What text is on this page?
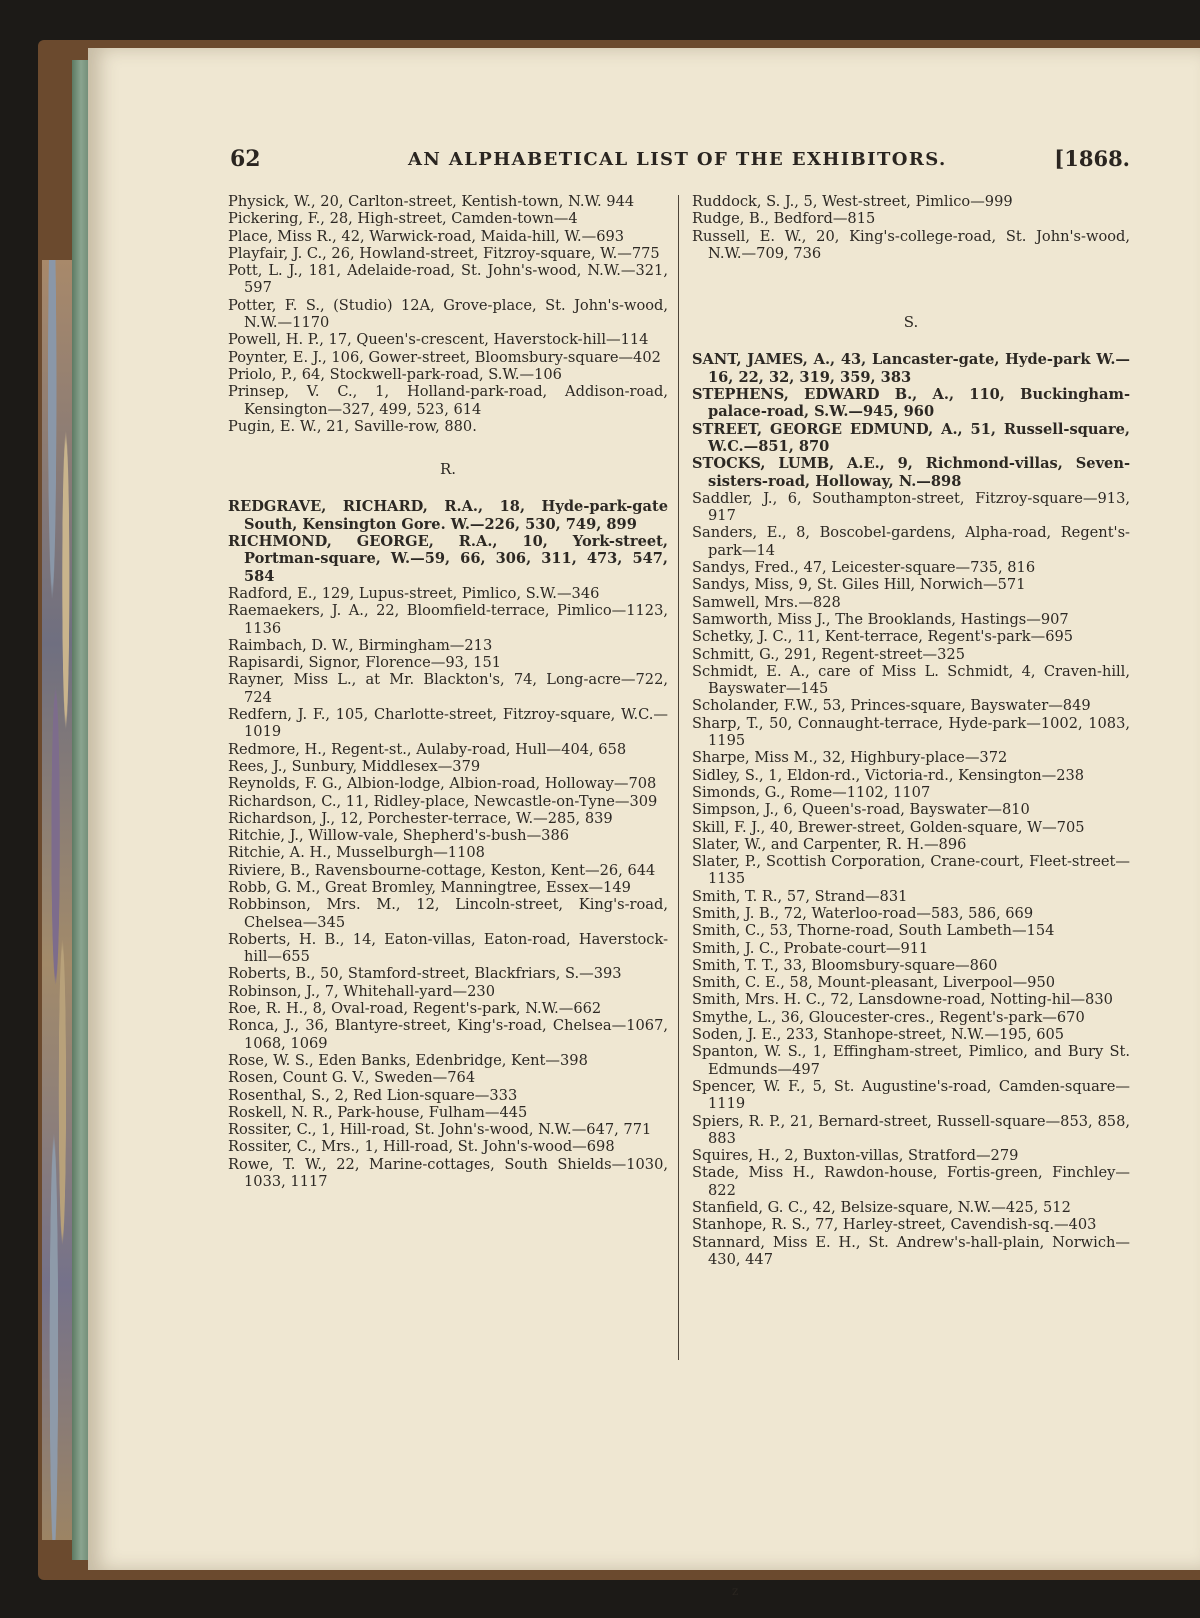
62	AN ALPHABETICAL LIST OF THE EXHIBITORS.	[1868.
Physick, W., 20, Carlton-street, Kentish-town, N.W. 944
Pickering, F., 28, High-street, Camden-town—4
Place, Miss R., 42, Warwick-road, Maida-hill, W.—693
Playfair, J. C., 26, Howland-street, Fitzroy-square, W.—775
Pott, L. J., 181, Adelaide-road, St. John's-wood, N.W.—321, 597
Potter, F. S., (Studio) 12A, Grove-place, St. John's-wood, N.W.—1170
Powell, H. P., 17, Queen's-crescent, Haverstock-hill—114
Poynter, E. J., 106, Gower-street, Bloomsbury-square—402
Priolo, P., 64, Stockwell-park-road, S.W.—106
Prinsep, V. C., 1, Holland-park-road, Addison-road, Kensington—327, 499, 523, 614
Pugin, E. W., 21, Saville-row, 880.
R.
REDGRAVE, RICHARD, R.A., 18, Hyde-park-gate South, Kensington Gore. W.—226, 530, 749, 899
RICHMOND, GEORGE, R.A., 10, York-street, Portman-square, W.—59, 66, 306, 311, 473, 547, 584
Radford, E., 129, Lupus-street, Pimlico, S.W.—346
Raemaekers, J. A., 22, Bloomfield-terrace, Pimlico—1123, 1136
Raimbach, D. W., Birmingham—213
Rapisardi, Signor, Florence—93, 151
Rayner, Miss L., at Mr. Blackton's, 74, Long-acre—722, 724
Redfern, J. F., 105, Charlotte-street, Fitzroy-square, W.C.—1019
Redmore, H., Regent-st., Aulaby-road, Hull—404, 658
Rees, J., Sunbury, Middlesex—379
Reynolds, F. G., Albion-lodge, Albion-road, Holloway—708
Richardson, C., 11, Ridley-place, Newcastle-on-Tyne—309
Richardson, J., 12, Porchester-terrace, W.—285, 839
Ritchie, J., Willow-vale, Shepherd's-bush—386
Ritchie, A. H., Musselburgh—1108
Riviere, B., Ravensbourne-cottage, Keston, Kent—26, 644
Robb, G. M., Great Bromley, Manningtree, Essex—149
Robbinson, Mrs. M., 12, Lincoln-street, King's-road, Chelsea—345
Roberts, H. B., 14, Eaton-villas, Eaton-road, Haverstock-hill—655
Roberts, B., 50, Stamford-street, Blackfriars, S.—393
Robinson, J., 7, Whitehall-yard—230
Roe, R. H., 8, Oval-road, Regent's-park, N.W.—662
Ronca, J., 36, Blantyre-street, King's-road, Chelsea—1067, 1068, 1069
Rose, W. S., Eden Banks, Edenbridge, Kent—398
Rosen, Count G. V., Sweden—764
Rosenthal, S., 2, Red Lion-square—333
Roskell, N. R., Park-house, Fulham—445
Rossiter, C., 1, Hill-road, St. John's-wood, N.W.—647, 771
Rossiter, C., Mrs., 1, Hill-road, St. John's-wood—698
Rowe, T. W., 22, Marine-cottages, South Shields—1030, 1033, 1117
Ruddock, S. J., 5, West-street, Pimlico—999
Rudge, B., Bedford—815
Russell, E. W., 20, King's-college-road, St. John's-wood, N.W.—709, 736
S.
SANT, JAMES, A., 43, Lancaster-gate, Hyde-park W.—16, 22, 32, 319, 359, 383
STEPHENS, EDWARD B., A., 110, Buckingham-palace-road, S.W.—945, 960
STREET, GEORGE EDMUND, A., 51, Russell-square, W.C.—851, 870
STOCKS, LUMB, A.E., 9, Richmond-villas, Seven-sisters-road, Holloway, N.—898
Saddler, J., 6, Southampton-street, Fitzroy-square—913, 917
Sanders, E., 8, Boscobel-gardens, Alpha-road, Regent's-park—14
Sandys, Fred., 47, Leicester-square—735, 816
Sandys, Miss, 9, St. Giles Hill, Norwich—571
Samwell, Mrs.—828
Samworth, Miss J., The Brooklands, Hastings—907
Schetky, J. C., 11, Kent-terrace, Regent's-park—695
Schmitt, G., 291, Regent-street—325
Schmidt, E. A., care of Miss L. Schmidt, 4, Craven-hill, Bayswater—145
Scholander, F.W., 53, Princes-square, Bayswater—849
Sharp, T., 50, Connaught-terrace, Hyde-park—1002, 1083, 1195
Sharpe, Miss M., 32, Highbury-place—372
Sidley, S., 1, Eldon-rd., Victoria-rd., Kensington—238
Simonds, G., Rome—1102, 1107
Simpson, J., 6, Queen's-road, Bayswater—810
Skill, F. J., 40, Brewer-street, Golden-square, W—705
Slater, W., and Carpenter, R. H.—896
Slater, P., Scottish Corporation, Crane-court, Fleet-street—1135
Smith, T. R., 57, Strand—831
Smith, J. B., 72, Waterloo-road—583, 586, 669
Smith, C., 53, Thorne-road, South Lambeth—154
Smith, J. C., Probate-court—911
Smith, T. T., 33, Bloomsbury-square—860
Smith, C. E., 58, Mount-pleasant, Liverpool—950
Smith, Mrs. H. C., 72, Lansdowne-road, Notting-hil—830
Smythe, L., 36, Gloucester-cres., Regent's-park—670
Soden, J. E., 233, Stanhope-street, N.W.—195, 605
Spanton, W. S., 1, Effingham-street, Pimlico, and Bury St. Edmunds—497
Spencer, W. F., 5, St. Augustine's-road, Camden-square—1119
Spiers, R. P., 21, Bernard-street, Russell-square—853, 858, 883
Squires, H., 2, Buxton-villas, Stratford—279
Stade, Miss H., Rawdon-house, Fortis-green, Finchley—822
Stanfield, G. C., 42, Belsize-square, N.W.—425, 512
Stanhope, R. S., 77, Harley-street, Cavendish-sq.—403
Stannard, Miss E. H., St. Andrew's-hall-plain, Norwich—430, 447
z
